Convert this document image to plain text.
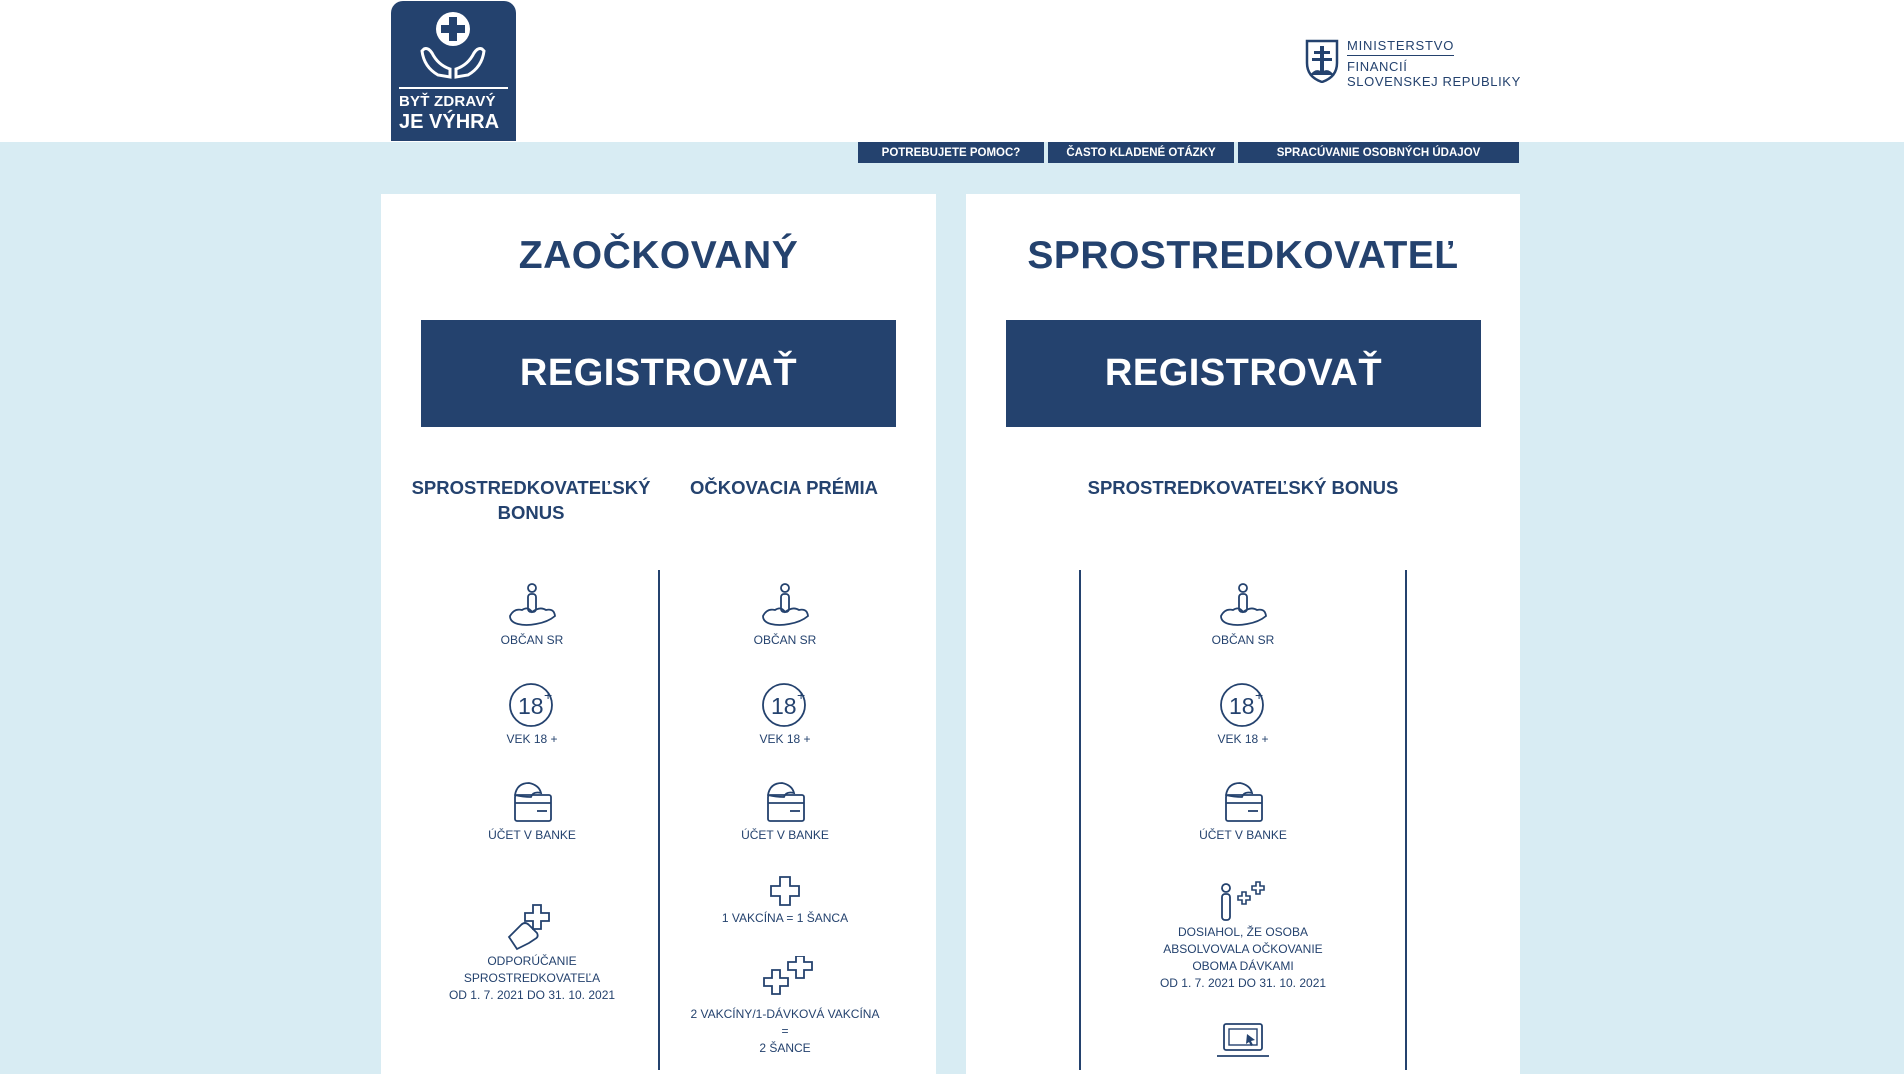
BYŤ ZDRAVÝ
JE VÝHRA
MINISTERSTVO
FINANCIÍ
SLOVENSKEJ REPUBLIKY
POTREBUJETE POMOC?	ČASTO KLADENÉ OTÁZKY	SPRACÚVANIE OSOBNÝCH ÚDAJOV
ZAOČKOVANÝ
REGISTROVAŤ
SPROSTREDKOVATEĽSKÝ
BONUS
OČKOVACIA PRÉMIA
OBČAN SR
18 +
VEK 18 +
ÚČET V BANKE
ODPORÚČANIE
SPROSTREDKOVATEĽA
OD 1. 7. 2021 DO 31. 10. 2021
OBČAN SR
18 +
VEK 18 +
ÚČET V BANKE
1 VAKCÍNA = 1 ŠANCA
2 VAKCÍNY/1-DÁVKOVÁ VAKCÍNA
=
2 ŠANCE
SPROSTREDKOVATEĽ
REGISTROVAŤ
SPROSTREDKOVATEĽSKÝ BONUS
OBČAN SR
18 +
VEK 18 +
ÚČET V BANKE
DOSIAHOL, ŽE OSOBA
ABSOLVOVALA OČKOVANIE
OBOMA DÁVKAMI
OD 1. 7. 2021 DO 31. 10. 2021
